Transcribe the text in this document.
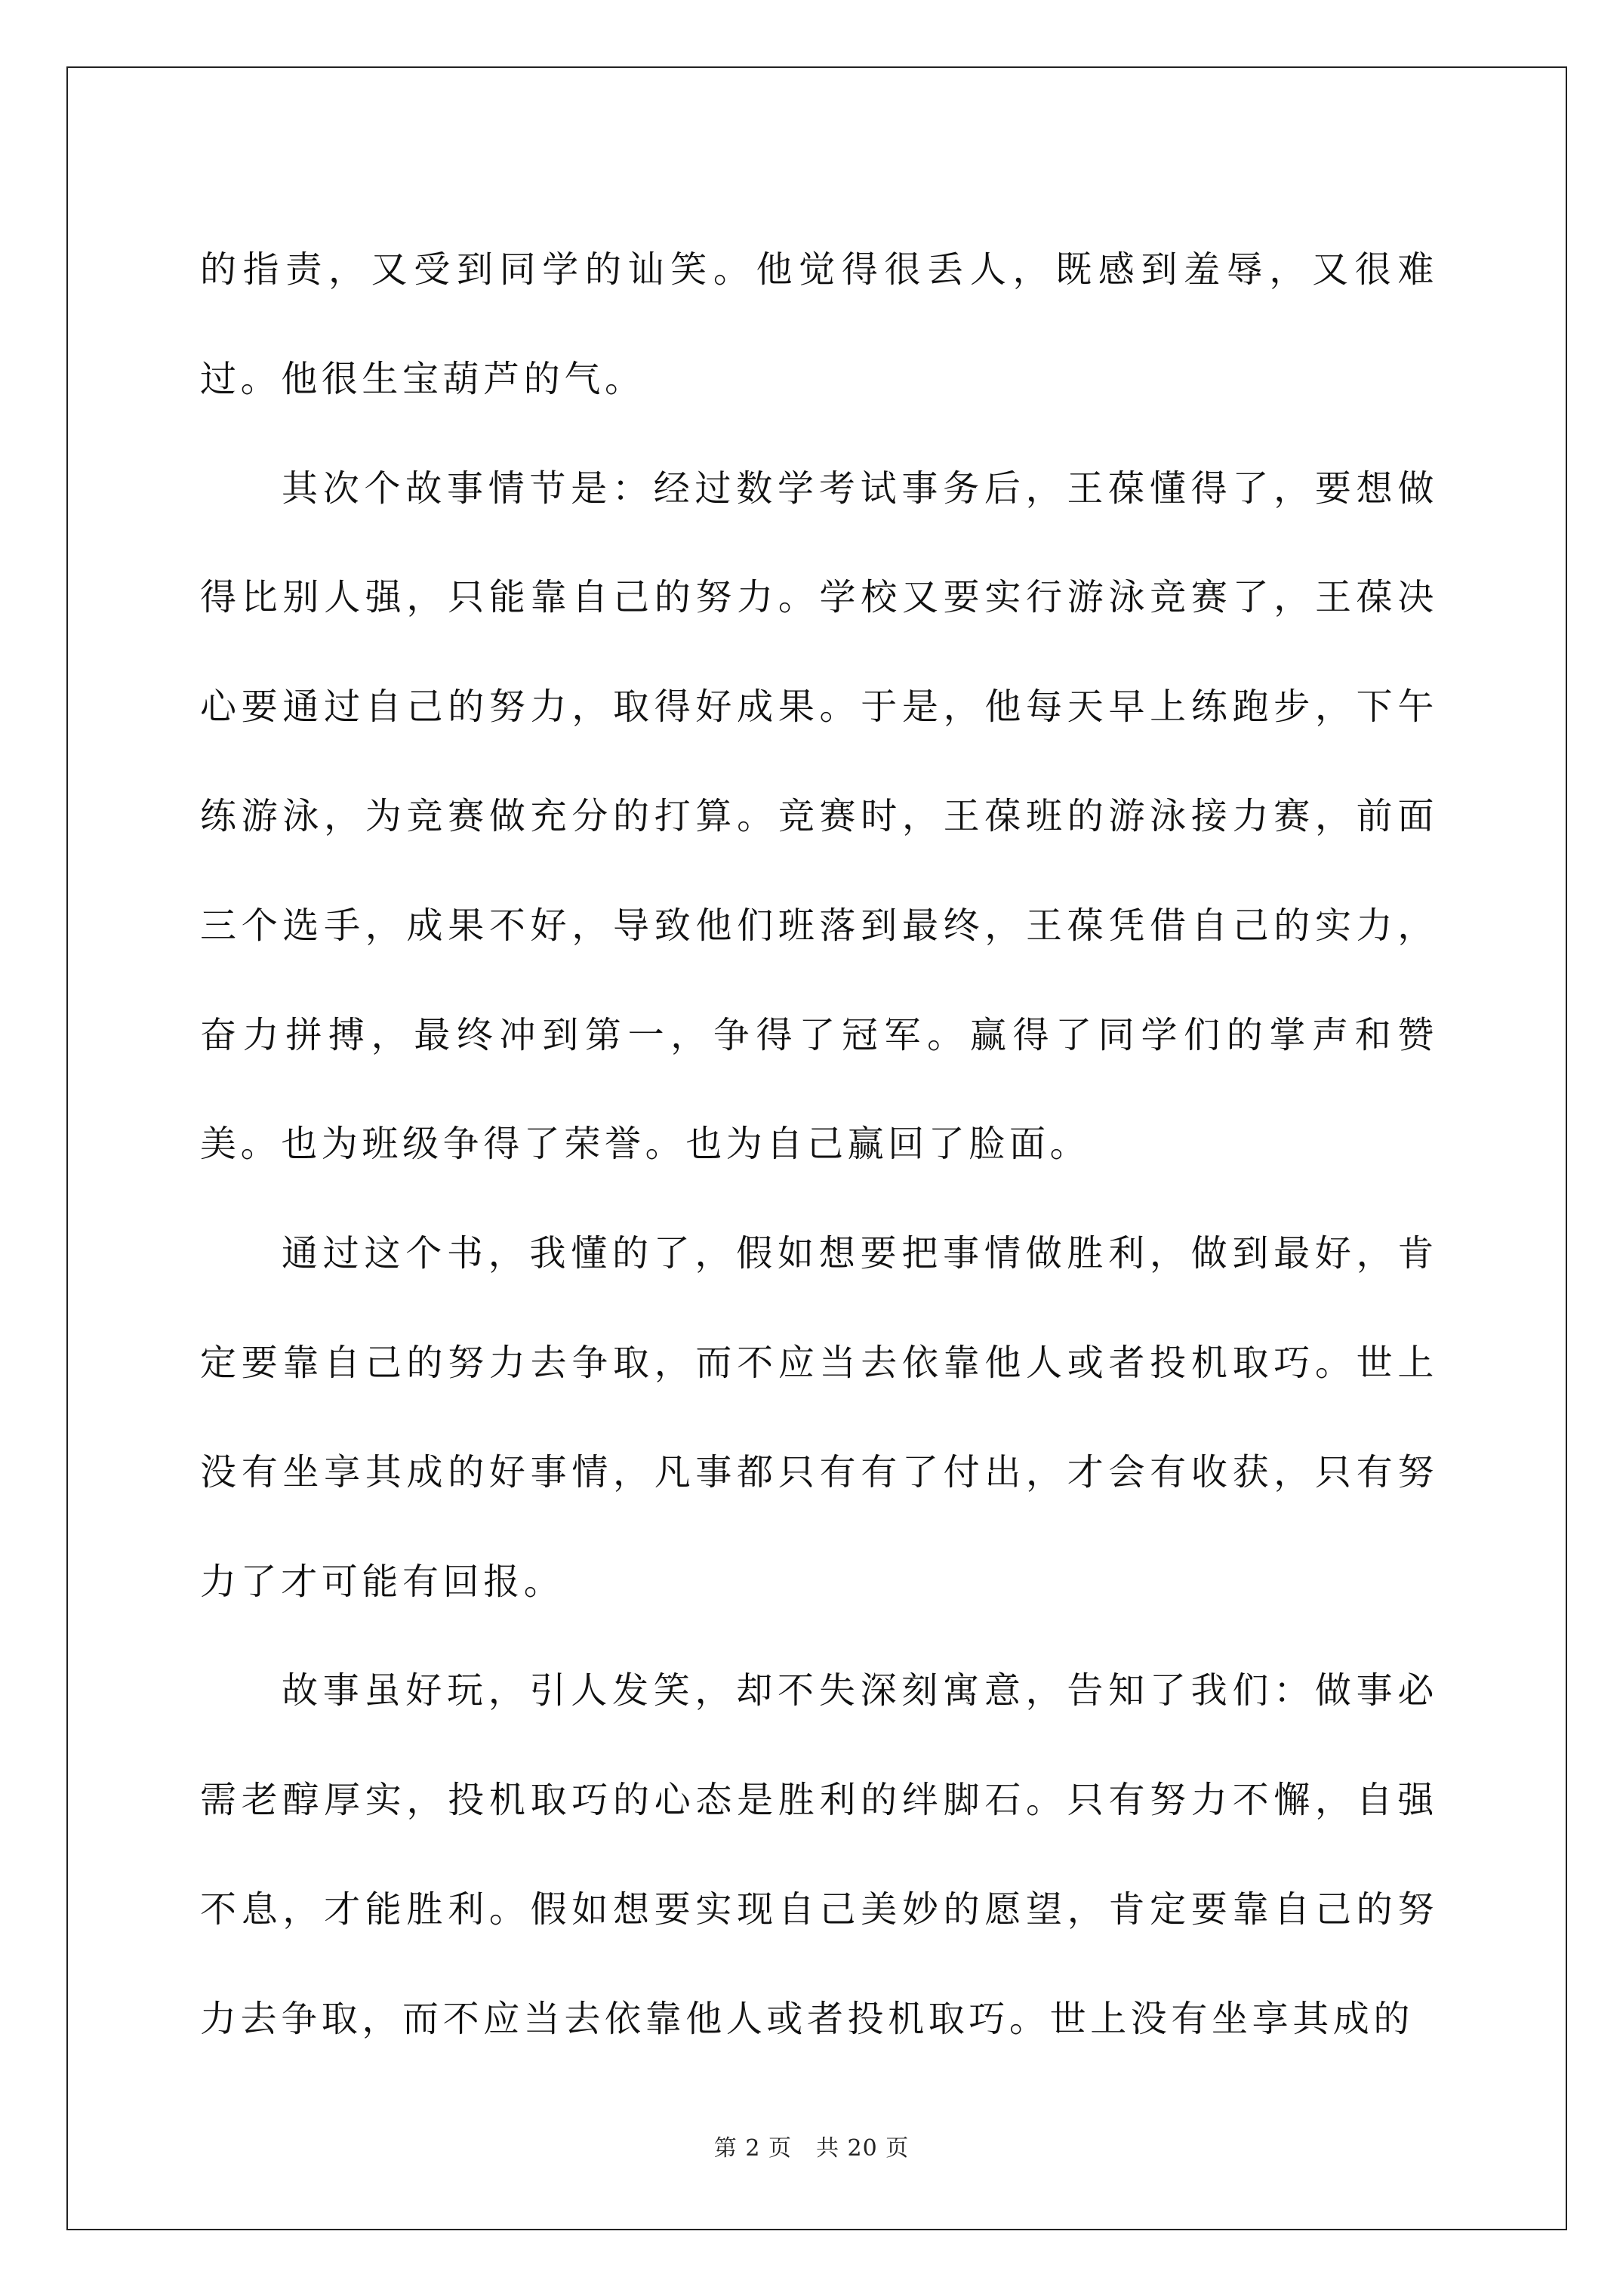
的指责，又受到同学的讪笑。他觉得很丢人，既感到羞辱，又很难过。他很生宝葫芦的气。

其次个故事情节是：经过数学考试事务后，王葆懂得了，要想做得比别人强，只能靠自己的努力。学校又要实行游泳竞赛了，王葆决心要通过自己的努力，取得好成果。于是，他每天早上练跑步，下午练游泳，为竞赛做充分的打算。竞赛时，王葆班的游泳接力赛，前面三个选手，成果不好，导致他们班落到最终，王葆凭借自己的实力，奋力拼搏，最终冲到第一，争得了冠军。赢得了同学们的掌声和赞美。也为班级争得了荣誉。也为自己赢回了脸面。

通过这个书，我懂的了，假如想要把事情做胜利，做到最好，肯定要靠自己的努力去争取，而不应当去依靠他人或者投机取巧。世上没有坐享其成的好事情，凡事都只有有了付出，才会有收获，只有努力了才可能有回报。

故事虽好玩，引人发笑，却不失深刻寓意，告知了我们：做事必需老醇厚实，投机取巧的心态是胜利的绊脚石。只有努力不懈，自强不息，才能胜利。假如想要实现自己美妙的愿望，肯定要靠自己的努力去争取，而不应当去依靠他人或者投机取巧。世上没有坐享其成的

第 2 页 共 20 页
